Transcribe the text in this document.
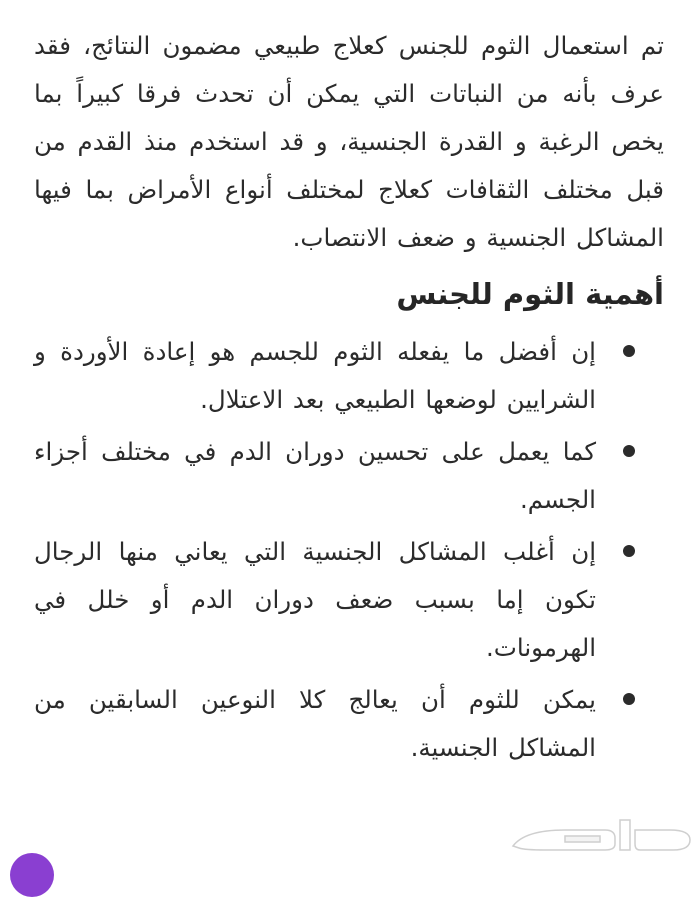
تم استعمال الثوم للجنس كعلاج طبيعي مضمون النتائج، فقد عرف بأنه من النباتات التي يمكن أن تحدث فرقا كبيراً بما يخص الرغبة و القدرة الجنسية، و قد استخدم منذ القدم من قبل مختلف الثقافات كعلاج لمختلف أنواع الأمراض بما فيها المشاكل الجنسية و ضعف الانتصاب.

أهمية الثوم للجنس
إن أفضل ما يفعله الثوم للجسم هو إعادة الأوردة و الشرايين لوضعها الطبيعي بعد الاعتلال.
كما يعمل على تحسين دوران الدم في مختلف أجزاء الجسم.
إن أغلب المشاكل الجنسية التي يعاني منها الرجال تكون إما بسبب ضعف دوران الدم أو خلل في الهرمونات.
يمكن للثوم أن يعالج كلا النوعين السابقين من المشاكل الجنسية.
